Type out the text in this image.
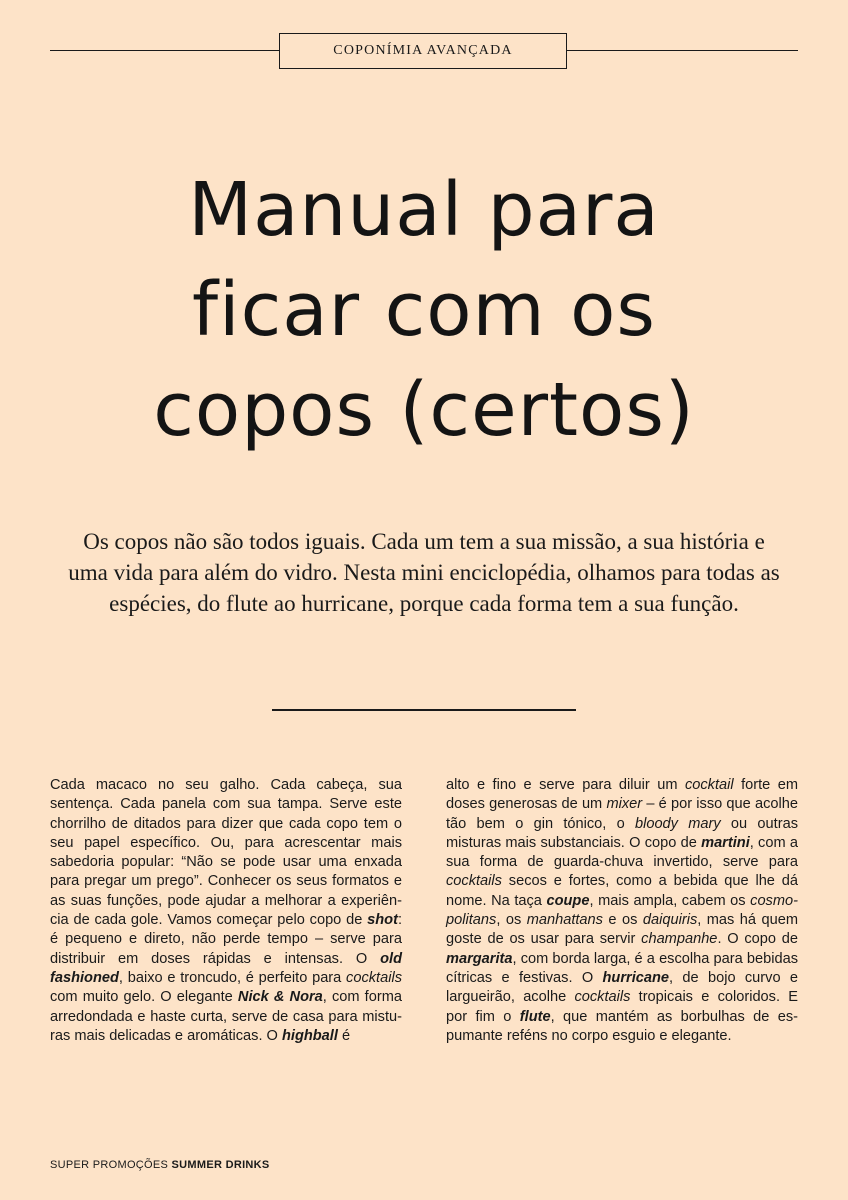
COPONÍMIA AVANÇADA
Manual para
ficar com os
copos (certos)

Os copos não são todos iguais. Cada um tem a sua missão, a sua história e uma vida para além do vidro. Nesta mini enciclopédia, olhamos para todas as espécies, do flute ao hurricane, porque cada forma tem a sua função.

Cada macaco no seu galho. Cada cabeça, sua sentença. Cada panela com sua tampa. Serve este chorrilho de ditados para dizer que cada copo tem o seu papel específico. Ou, para acrescentar mais sabedoria popular: “Não se pode usar uma enxada para pregar um prego”. Conhecer os seus formatos e as suas funções, pode ajudar a melhorar a experiência de cada gole. Vamos começar pelo copo de shot: é pequeno e direto, não perde tempo – serve para distribuir em doses rápidas e intensas. O old fashioned, baixo e troncudo, é perfeito para cocktails com muito gelo. O elegante Nick & Nora, com forma arredondada e haste curta, serve de casa para misturas mais delicadas e aromáticas. O highball é

alto e fino e serve para diluir um cocktail forte em doses generosas de um mixer – é por isso que acolhe tão bem o gin tónico, o bloody mary ou outras misturas mais substanciais. O copo de martini, com a sua forma de guarda-chuva invertido, serve para cocktails secos e fortes, como a bebida que lhe dá nome. Na taça coupe, mais ampla, cabem os cosmopolitans, os manhattans e os daiquiris, mas há quem goste de os usar para servir champanhe. O copo de margarita, com borda larga, é a escolha para bebidas cítricas e festivas. O hurricane, de bojo curvo e largueirão, acolhe cocktails tropicais e coloridos. E por fim o flute, que mantém as borbulhas de espumante reféns no corpo esguio e elegante.

SUPER PROMOÇÕES SUMMER DRINKS
